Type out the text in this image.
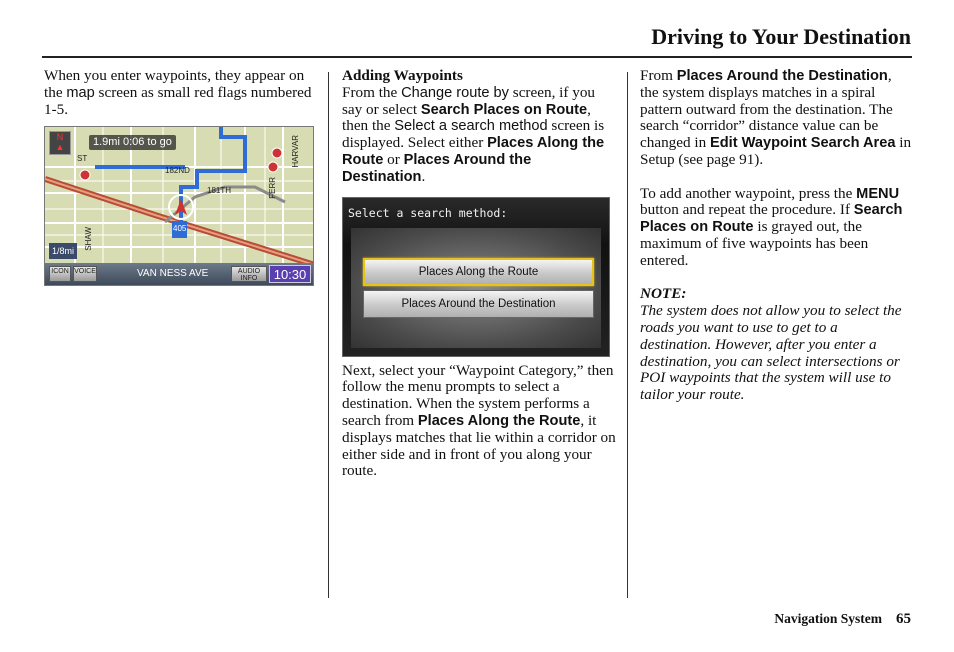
Driving to Your Destination

When you enter waypoints, they appear on the map screen as small red flags numbered 1-5.

N
▲	1.9mi 0:06 to go
182ND
181TH
ST	HARVAR
SHAW
FERR
405
1/8mi
ICON VOICE	VAN NESS AVE	AUDIO INFO	10:30
Adding Waypoints

From the Change route by screen, if you say or select Search Places on Route, then the Select a search method screen is displayed. Select either Places Along the Route or Places Around the Destination.

Select a search method:
Places Along the Route
Places Around the Destination

Next, select your “Waypoint Category,” then follow the menu prompts to select a destination. When the system performs a search from Places Along the Route, it displays matches that lie within a corridor on either side and in front of you along your route.

From Places Around the Destination, the system displays matches in a spiral pattern outward from the destination. The search “corridor” distance value can be changed in Edit Waypoint Search Area in Setup (see page 91).

To add another waypoint, press the MENU button and repeat the procedure. If Search Places on Route is grayed out, the maximum of five waypoints has been entered.

NOTE:

The system does not allow you to select the roads you want to use to get to a destination. However, after you enter a destination, you can select intersections or POI waypoints that the system will use to tailor your route.

Navigation System 65
